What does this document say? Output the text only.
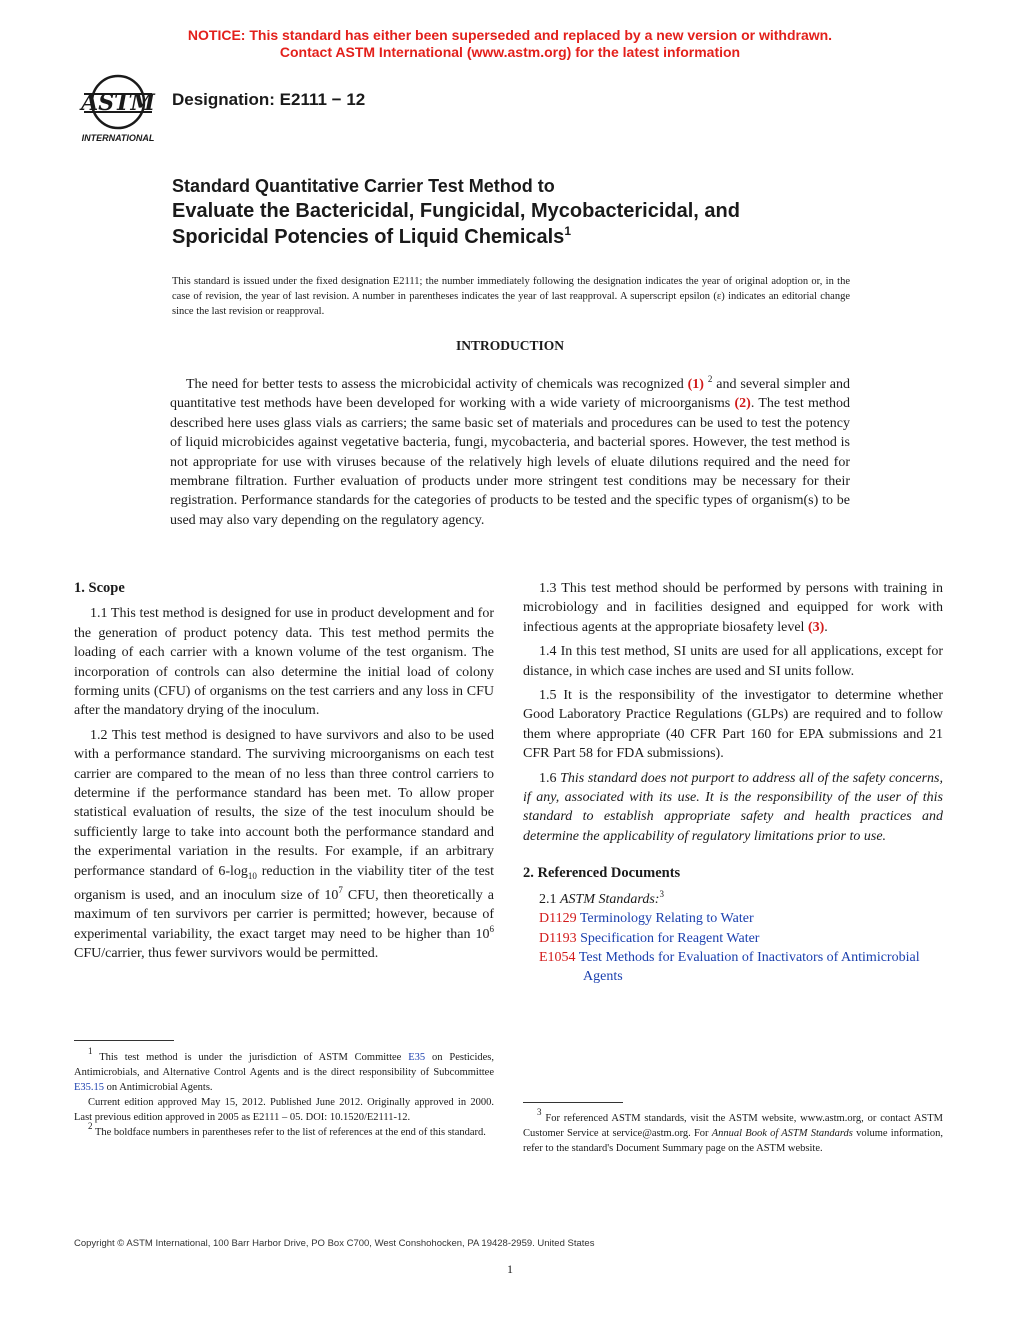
NOTICE: This standard has either been superseded and replaced by a new version or withdrawn.
Contact ASTM International (www.astm.org) for the latest information
ASTM
INTERNATIONAL
Designation: E2111 − 12
Standard Quantitative Carrier Test Method to
Evaluate the Bactericidal, Fungicidal, Mycobactericidal, and
Sporicidal Potencies of Liquid Chemicals$^1$
This standard is issued under the fixed designation E2111; the number immediately following the designation indicates the year of original adoption or, in the case of revision, the year of last revision. A number in parentheses indicates the year of last reapproval. A superscript epsilon (ε) indicates an editorial change since the last revision or reapproval.
INTRODUCTION

The need for better tests to assess the microbicidal activity of chemicals was recognized (1) $^2$ and several simpler and quantitative test methods have been developed for working with a wide variety of microorganisms (2). The test method described here uses glass vials as carriers; the same basic set of materials and procedures can be used to test the potency of liquid microbicides against vegetative bacteria, fungi, mycobacteria, and bacterial spores. However, the test method is not appropriate for use with viruses because of the relatively high levels of eluate dilutions required and the need for membrane filtration. Further evaluation of products under more stringent test conditions may be necessary for their registration. Performance standards for the categories of products to be tested and the specific types of organism(s) to be used may also vary depending on the regulatory agency.

1. Scope

1.1 This test method is designed for use in product development and for the generation of product potency data. This test method permits the loading of each carrier with a known volume of the test organism. The incorporation of controls can also determine the initial load of colony forming units (CFU) of organisms on the test carriers and any loss in CFU after the mandatory drying of the inoculum.

1.2 This test method is designed to have survivors and also to be used with a performance standard. The surviving microorganisms on each test carrier are compared to the mean of no less than three control carriers to determine if the performance standard has been met. To allow proper statistical evaluation of results, the size of the test inoculum should be sufficiently large to take into account both the performance standard and the experimental variation in the results. For example, if an arbitrary performance standard of $6-\log_{10}$ reduction in the viability titer of the test organism is used, and an inoculum size of $10^7$ CFU, then theoretically a maximum of ten survivors per carrier is permitted; however, because of experimental variability, the exact target may need to be higher than $10^6$ CFU/carrier, thus fewer survivors would be permitted.

1 This test method is under the jurisdiction of ASTM Committee E35 on Pesticides, Antimicrobials, and Alternative Control Agents and is the direct responsibility of Subcommittee E35.15 on Antimicrobial Agents.

Current edition approved May 15, 2012. Published June 2012. Originally approved in 2000. Last previous edition approved in 2005 as E2111 – 05. DOI: 10.1520/E2111-12.

2 The boldface numbers in parentheses refer to the list of references at the end of this standard.

1.3 This test method should be performed by persons with training in microbiology and in facilities designed and equipped for work with infectious agents at the appropriate biosafety level (3).

1.4 In this test method, SI units are used for all applications, except for distance, in which case inches are used and SI units follow.

1.5 It is the responsibility of the investigator to determine whether Good Laboratory Practice Regulations (GLPs) are required and to follow them where appropriate (40 CFR Part 160 for EPA submissions and 21 CFR Part 58 for FDA submissions).

1.6 This standard does not purport to address all of the safety concerns, if any, associated with its use. It is the responsibility of the user of this standard to establish appropriate safety and health practices and determine the applicability of regulatory limitations prior to use.

2. Referenced Documents

2.1 ASTM Standards:$^3$

D1129 Terminology Relating to Water

D1193 Specification for Reagent Water

E1054 Test Methods for Evaluation of Inactivators of Antimicrobial Agents

3 For referenced ASTM standards, visit the ASTM website, www.astm.org, or contact ASTM Customer Service at service@astm.org. For Annual Book of ASTM Standards volume information, refer to the standard's Document Summary page on the ASTM website.

Copyright © ASTM International, 100 Barr Harbor Drive, PO Box C700, West Conshohocken, PA 19428-2959. United States
1
